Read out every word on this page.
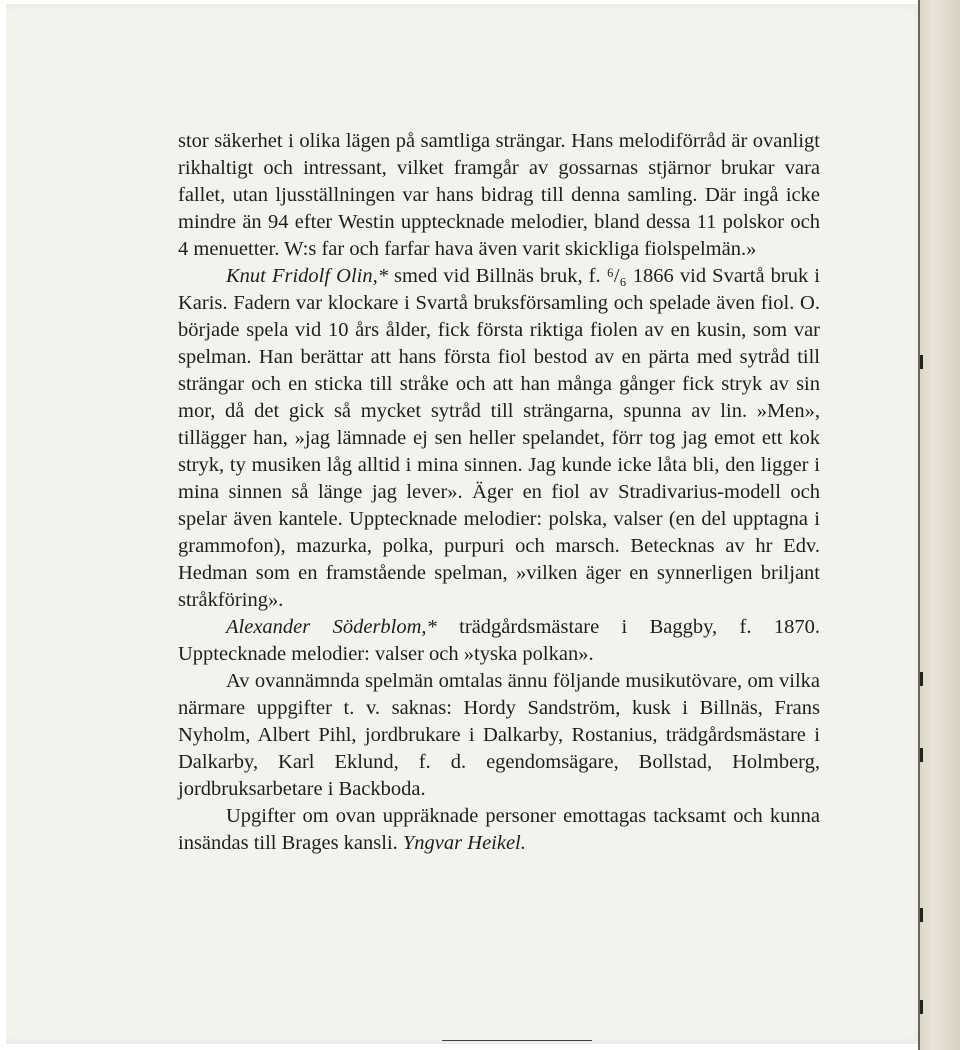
stor säkerhet i olika lägen på samtliga strängar. Hans melodiförråd är ovanligt rikhaltigt och intressant, vilket framgår av gossarnas stjärnor brukar vara fallet, utan ljusställningen var hans bidrag till denna samling. Där ingå icke mindre än 94 efter Westin upptecknade melodier, bland dessa 11 polskor och 4 menuetter. W:s far och farfar hava även varit skickliga fiolspelmän.»

Knut Fridolf Olin,* smed vid Billnäs bruk, f. ⁶/₆ 1866 vid Svartå bruk i Karis. Fadern var klockare i Svartå bruksförsamling och spelade även fiol. O. började spela vid 10 års ålder, fick första riktiga fiolen av en kusin, som var spelman. Han berättar att hans första fiol bestod av en pärta med sytråd till strängar och en sticka till stråke och att han många gånger fick stryk av sin mor, då det gick så mycket sytråd till strängarna, spunna av lin. »Men», tillägger han, »jag lämnade ej sen heller spelandet, förr tog jag emot ett kok stryk, ty musiken låg alltid i mina sinnen. Jag kunde icke låta bli, den ligger i mina sinnen så länge jag lever». Äger en fiol av Stradivarius-modell och spelar även kantele. Upptecknade melodier: polska, valser (en del upptagna i grammofon), mazurka, polka, purpuri och marsch. Betecknas av hr Edv. Hedman som en framstående spelman, »vilken äger en synnerligen briljant stråkföring».

Alexander Söderblom,* trädgårdsmästare i Baggby, f. 1870. Upptecknade melodier: valser och »tyska polkan».

Av ovannämnda spelmän omtalas ännu följande musikutövare, om vilka närmare uppgifter t. v. saknas: Hordy Sandström, kusk i Billnäs, Frans Nyholm, Albert Pihl, jordbrukare i Dalkarby, Rostanius, trädgårdsmästare i Dalkarby, Karl Eklund, f. d. egendomsägare, Bollstad, Holmberg, jordbruksarbetare i Backboda.

Upgifter om ovan uppräknade personer emottagas tacksamt och kunna insändas till Brages kansli. Yngvar Heikel.
